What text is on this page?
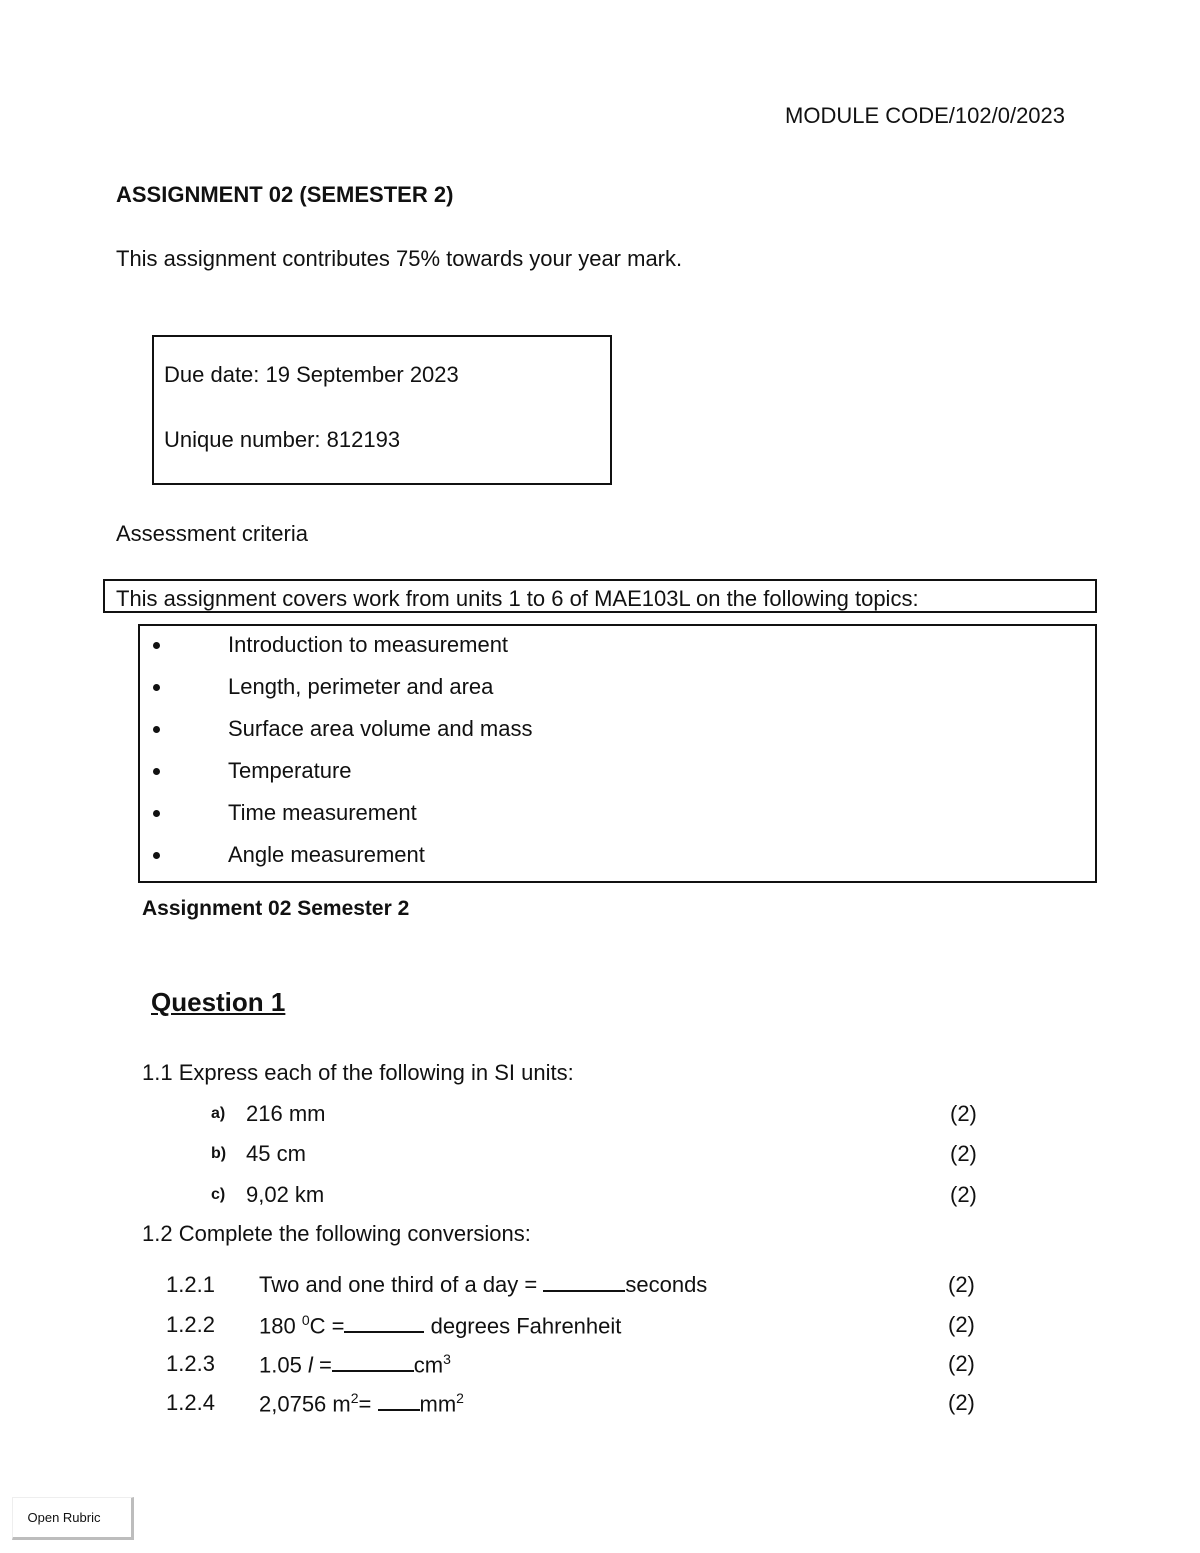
MODULE CODE/102/0/2023
ASSIGNMENT 02 (SEMESTER 2)
This assignment contributes 75% towards your year mark.
Due date: 19 September 2023
Unique number: 812193
Assessment criteria
This assignment covers work from units 1 to 6 of MAE103L on the following topics:
Introduction to measurement
Length, perimeter and area
Surface area volume and mass
Temperature
Time measurement
Angle measurement
Assignment 02 Semester 2
Question 1
1.1 Express each of the following in SI units:
a) 216 mm	(2)
b) 45 cm	(2)
c) 9,02 km	(2)
1.2 Complete the following conversions:
1.2.1 Two and one third of a day =	seconds	(2)
1.2.2 180 $^0$C =	degrees Fahrenheit	(2)
1.2.3 1.05 l =	$cm^3$	(2)
1.2.4 2,0756 $m^2= mm^2$	(2)
Open Rubric
